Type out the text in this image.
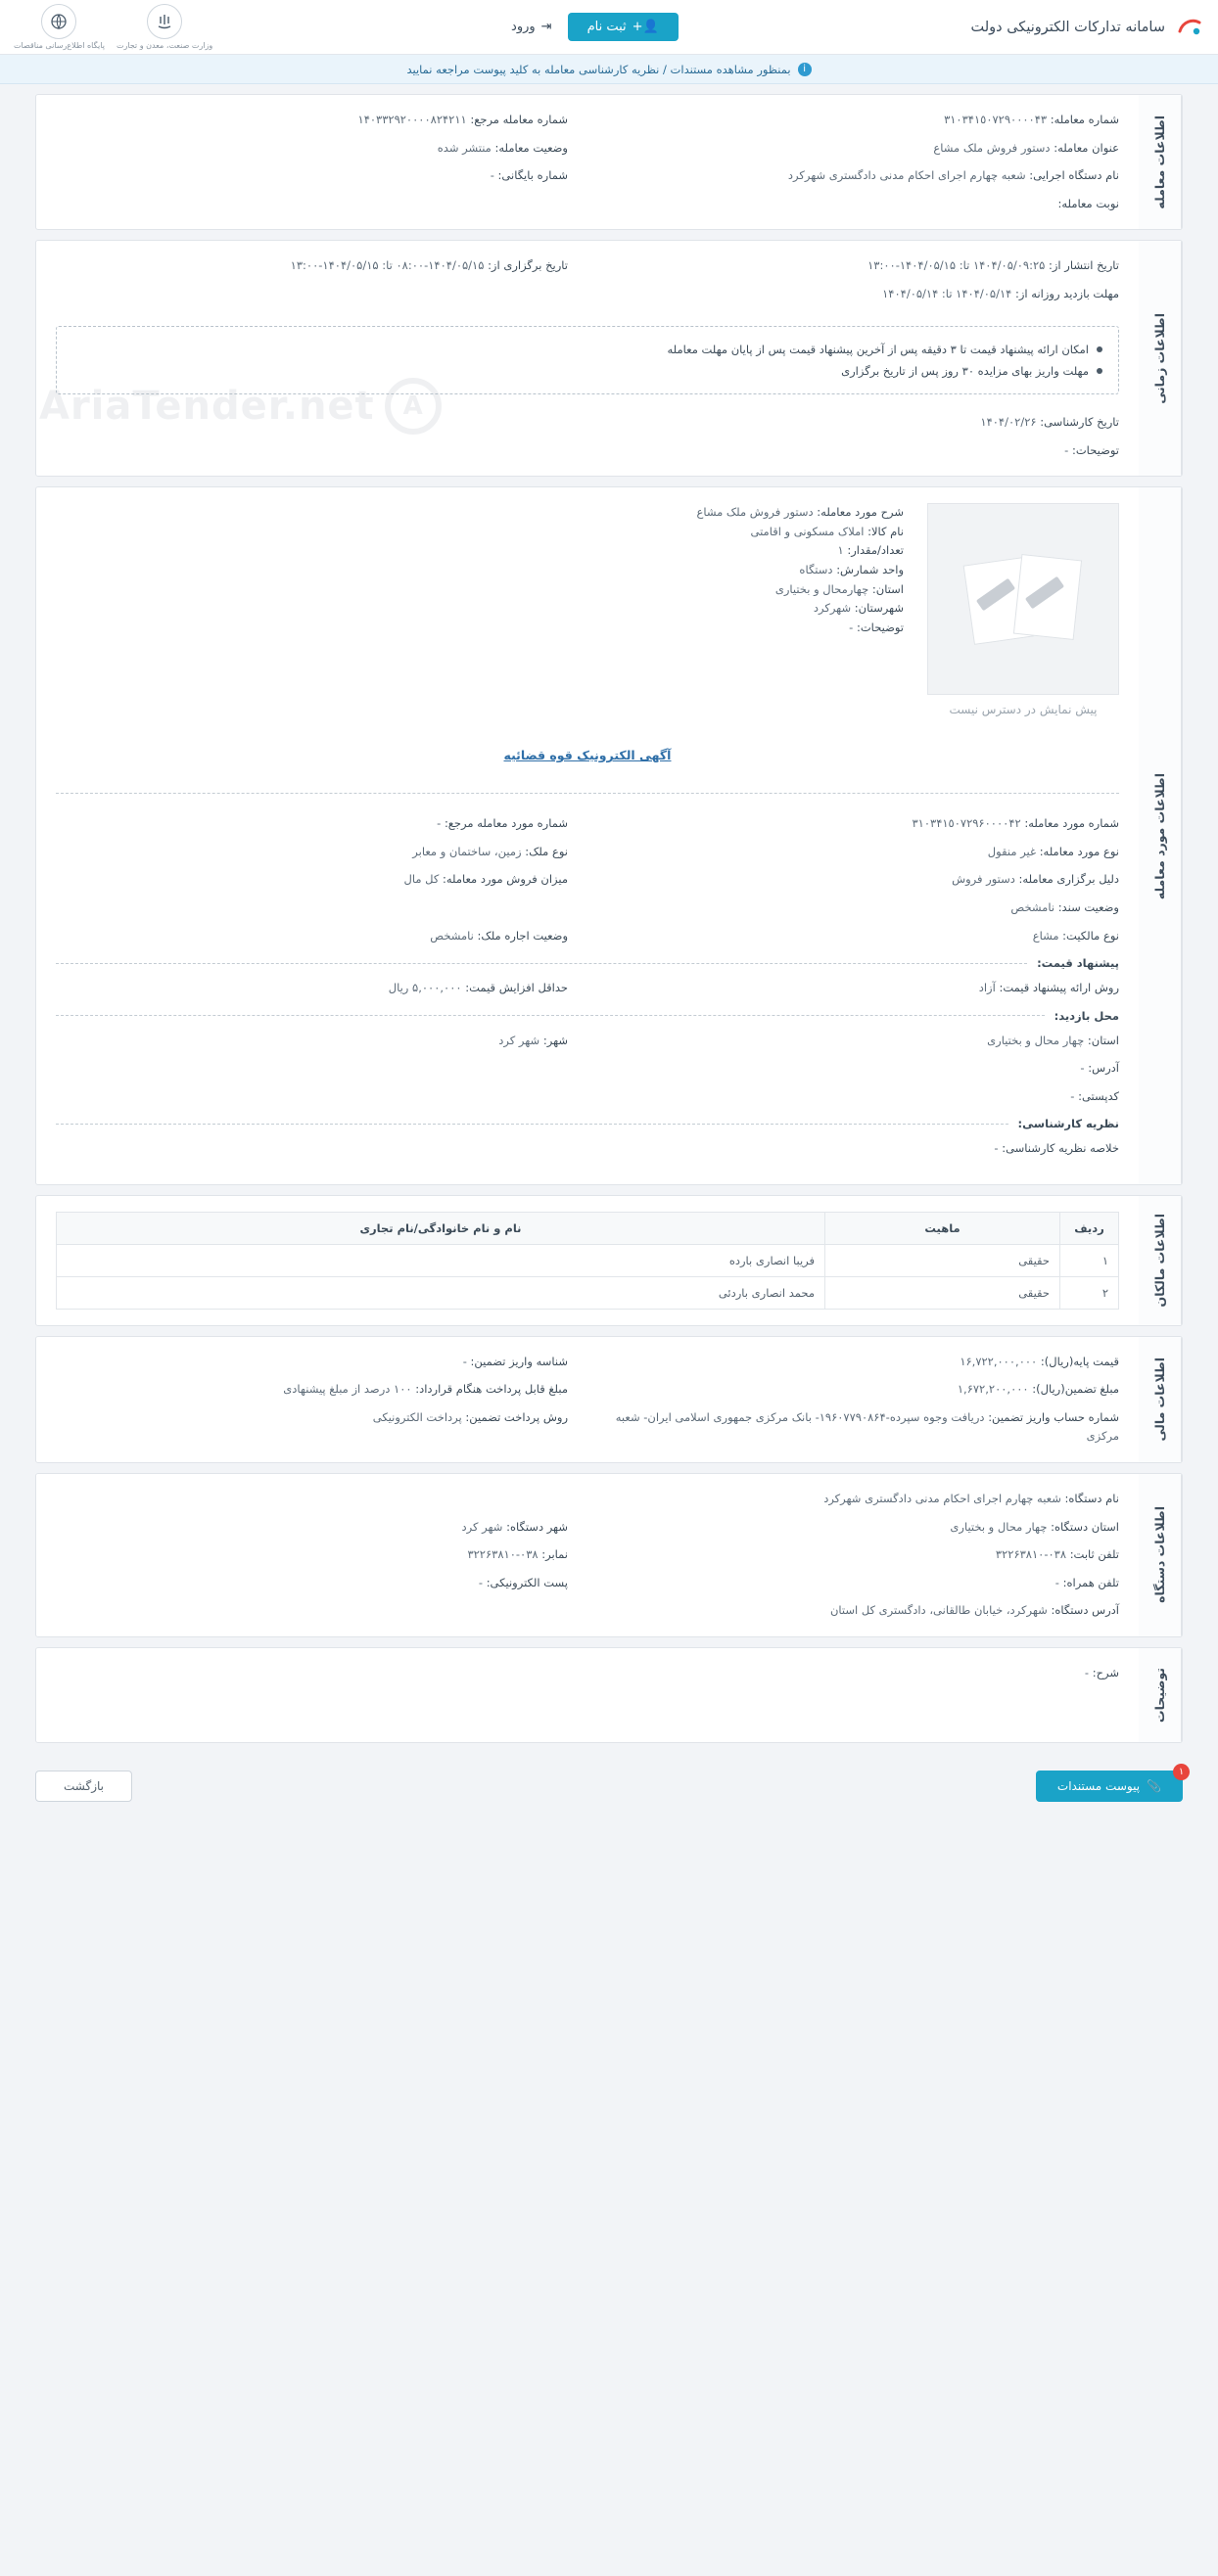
سامانه تدارکات الکترونیکی دولت
👤+
ثبت نام
⇥
ورود
وزارت صنعت، معدن و تجارت
پایگاه اطلاع‌رسانی مناقصات
i
بمنظور مشاهده مستندات / نظریه کارشناسی معامله به کلید پیوست مراجعه نمایید
اطلاعات معامله
شماره معامله: ٣١٠٣۴١٥٠٧٢٩٠٠٠٠۴٣
شماره معامله مرجع: ١۴٠٣٣٢٩٢٠٠٠٠٨٢۴٢١١
عنوان معامله: دستور فروش ملک مشاع
وضعیت معامله: منتشر شده
نام دستگاه اجرایی: شعبه چهارم اجرای احکام مدنی دادگستری شهرکرد
شماره بایگانی: -
نوبت معامله:
اطلاعات زمانی
تاریخ انتشار از: ١۴٠۴/٠۵/٠٩:٢۵ تا: ١۴٠۴/٠۵/١۵-١٣:٠٠
تاریخ برگزاری از: ١۴٠۴/٠۵/١۵-٠٨:٠٠ تا: ١۴٠۴/٠۵/١۵-١٣:٠٠
مهلت بازدید روزانه از: ١۴٠۴/٠۵/١۴ تا: ١۴٠۴/٠۵/١۴
امکان ارائه پیشنهاد قیمت تا ٣ دقیقه پس از آخرین پیشنهاد قیمت پس از پایان مهلت معامله
مهلت واریز بهای مزایده ٣٠ روز پس از تاریخ برگزاری
تاریخ کارشناسی: ١۴٠۴/٠٢/٢۶
توضیحات: -
اطلاعات مورد معامله
پیش نمایش در دسترس نیست
شرح مورد معامله: دستور فروش ملک مشاع
نام کالا: املاک مسکونی و اقامتی
تعداد/مقدار: ١
واحد شمارش: دستگاه
استان: چهارمحال و بختیاری
شهرستان: شهرکرد
توضیحات: -
آگهی الکترونیک قوه قضائیه
شماره مورد معامله: ٣١٠٣۴١٥٠٧٢٩۶٠٠٠٠۴٢
شماره مورد معامله مرجع: -
نوع مورد معامله: غیر منقول
نوع ملک: زمین، ساختمان و معابر
دلیل برگزاری معامله: دستور فروش
میزان فروش مورد معامله: کل مال
وضعیت سند: نامشخص
نوع مالکیت: مشاع
وضعیت اجاره ملک: نامشخص
پیشنهاد قیمت:
روش ارائه پیشنهاد قیمت: آزاد
حداقل افزایش قیمت: ۵,٠٠٠,٠٠٠ ریال
محل بازدید:
استان: چهار محال و بختیاری
شهر: شهر کرد
آدرس: -
کدپستی: -
نظریه کارشناسی:
خلاصه نظریه کارشناسی: -
اطلاعات مالکان
ردیف	ماهیت	نام و نام خانوادگی/نام تجاری
١	حقیقی	فریبا انصاری بارده
٢	حقیقی	محمد انصاری باردئی
اطلاعات مالی
قیمت پایه(ریال): ١۶,٧٢٢,٠٠٠,٠٠٠
شناسه واریز تضمین: -
مبلغ تضمین(ریال): ١,۶٧٢,٢٠٠,٠٠٠
مبلغ قابل پرداخت هنگام قرارداد: ١٠٠ درصد از مبلغ پیشنهادی
شماره حساب واریز تضمین: دریافت وجوه سپرده-١٩۶٠٧٧٩٠٨۶۴- بانک مرکزی جمهوری اسلامی ایران- شعبه مرکزی
روش پرداخت تضمین: پرداخت الکترونیکی
اطلاعات دستگاه
نام دستگاه: شعبه چهارم اجرای احکام مدنی دادگستری شهرکرد
استان دستگاه: چهار محال و بختیاری
شهر دستگاه: شهر کرد
تلفن ثابت: ٠٣٨-٣٢٢۶٣٨١٠
نمابر: ٠٣٨-٣٢٢۶٣٨١٠
تلفن همراه: -
پست الکترونیکی: -
آدرس دستگاه: شهرکرد، خیابان طالقانی، دادگستری کل استان
توضیحات
شرح: -
١
📎
پیوست مستندات
بازگشت
